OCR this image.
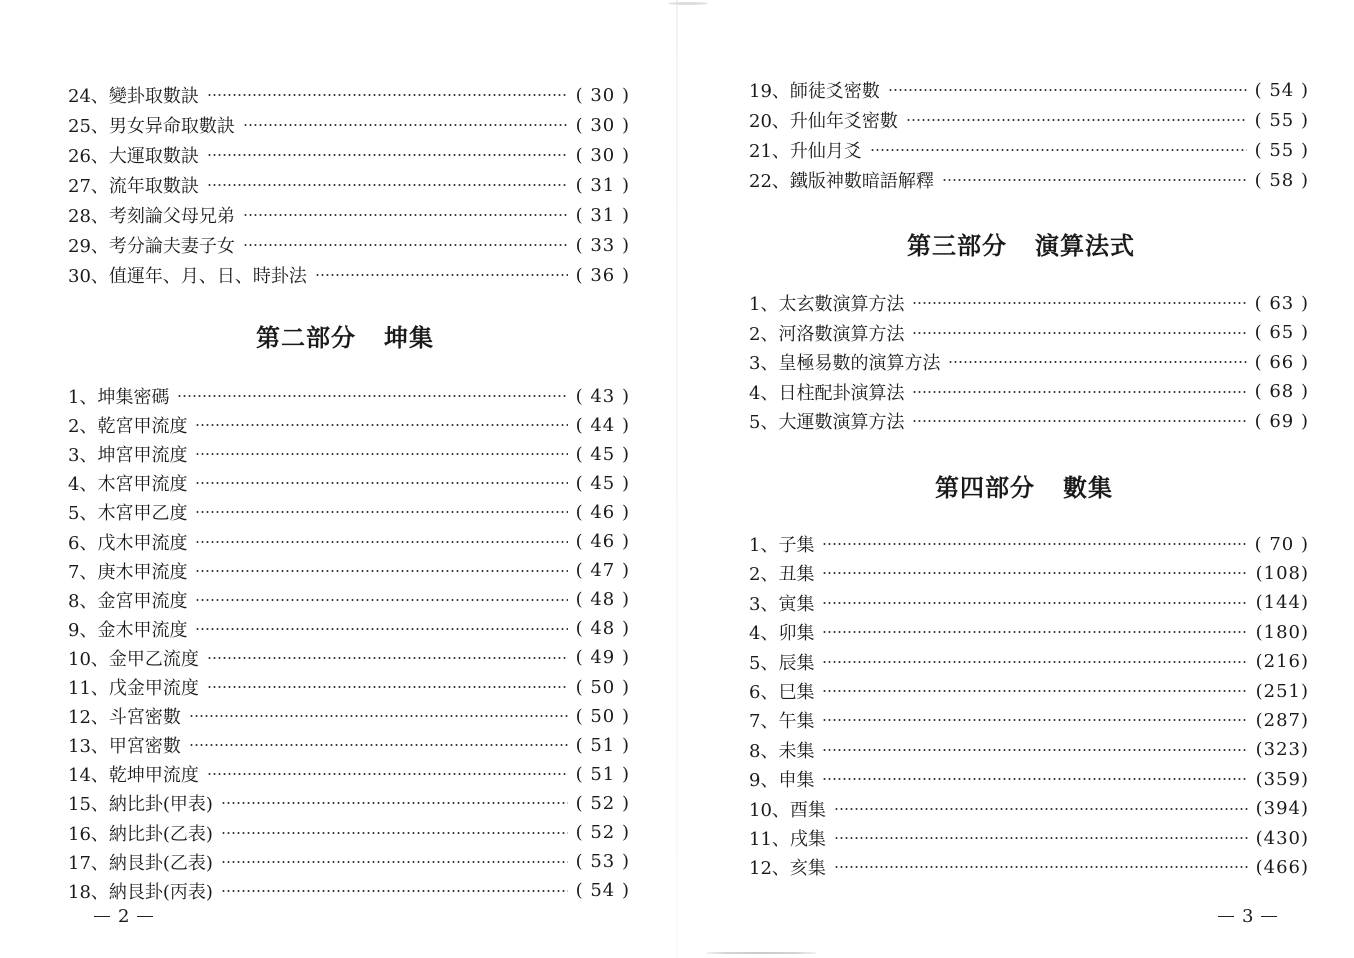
24、 變卦取數訣	( 30 )
25、 男女异命取數訣	( 30 )
26、 大運取數訣	( 30 )
27、 流年取數訣	( 31 )
28、 考刻論父母兄弟	( 31 )
29、 考分論夫妻子女	( 33 )
30、 值運年、月、日、時卦法	( 36 )
第二部分 坤集
1、 坤集密碼	( 43 )
2、 乾宮甲流度	( 44 )
3、 坤宮甲流度	( 45 )
4、 木宮甲流度	( 45 )
5、 木宮甲乙度	( 46 )
6、 戊木甲流度	( 46 )
7、 庚木甲流度	( 47 )
8、 金宮甲流度	( 48 )
9、 金木甲流度	( 48 )
10、 金甲乙流度	( 49 )
11、 戊金甲流度	( 50 )
12、 斗宮密數	( 50 )
13、 甲宮密數	( 51 )
14、 乾坤甲流度	( 51 )
15、 納比卦(甲表)	( 52 )
16、 納比卦(乙表)	( 52 )
17、 納艮卦(乙表)	( 53 )
18、 納艮卦(丙表)	( 54 )
2
19、 師徒爻密數	( 54 )
20、 升仙年爻密數	( 55 )
21、 升仙月爻	( 55 )
22、 鐵版神數暗語解釋	( 58 )
第三部分 演算法式
1、 太玄數演算方法	( 63 )
2、 河洛數演算方法	( 65 )
3、 皇極易數的演算方法	( 66 )
4、 日柱配卦演算法	( 68 )
5、 大運數演算方法	( 69 )
第四部分 數集
1、 子集	( 70 )
2、 丑集	(108)
3、 寅集	(144)
4、 卯集	(180)
5、 辰集	(216)
6、 巳集	(251)
7、 午集	(287)
8、 未集	(323)
9、 申集	(359)
10、 酉集	(394)
11、 戌集	(430)
12、 亥集	(466)
3
